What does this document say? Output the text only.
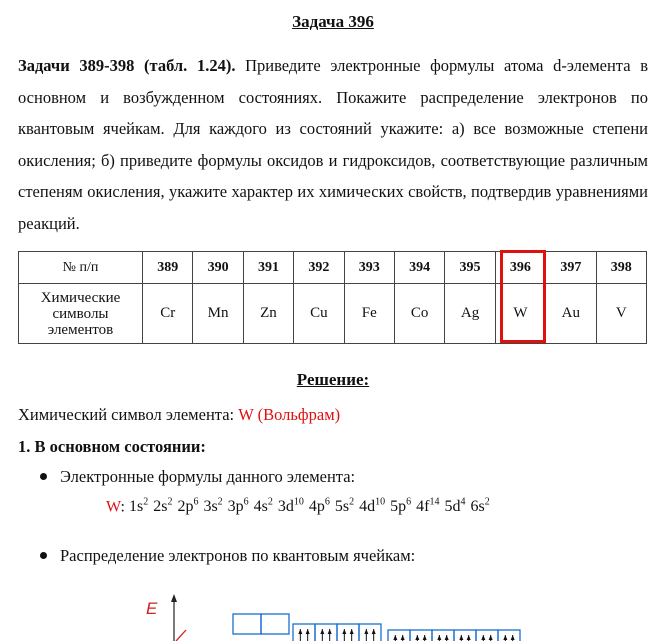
Задача 396
Задачи 389-398 (табл. 1.24). Приведите электронные формулы атома d-элемента в основном и возбужденном состояниях. Покажите распределение электронов по квантовым ячейкам. Для каждого из состояний укажите: а) все возможные степени окисления; б) приведите формулы оксидов и гидроксидов, соответствующие различным степеням окисления, укажите характер их химических свойств, подтвердив уравнениями реакций.
№ п/п	389	390	391	392	393	394	395	396	397	398
Химические символы элементов	Cr	Mn	Zn	Cu	Fe	Co	Ag	W	Au	V
Решение:
Химический символ элемента: W (Вольфрам)
1. В основном состоянии:
Электронные формулы данного элемента:
W: $1s^2$ $2s^2$ $2p^6$ $3s^2$ $3p^6$ $4s^2$ $3d^{10}$ $4p^6$ $5s^2$ $4d^{10}$ $5p^6$ $4f^{14}$ $5d^4$ $6s^2$
Распределение электронов по квантовым ячейкам:
E
